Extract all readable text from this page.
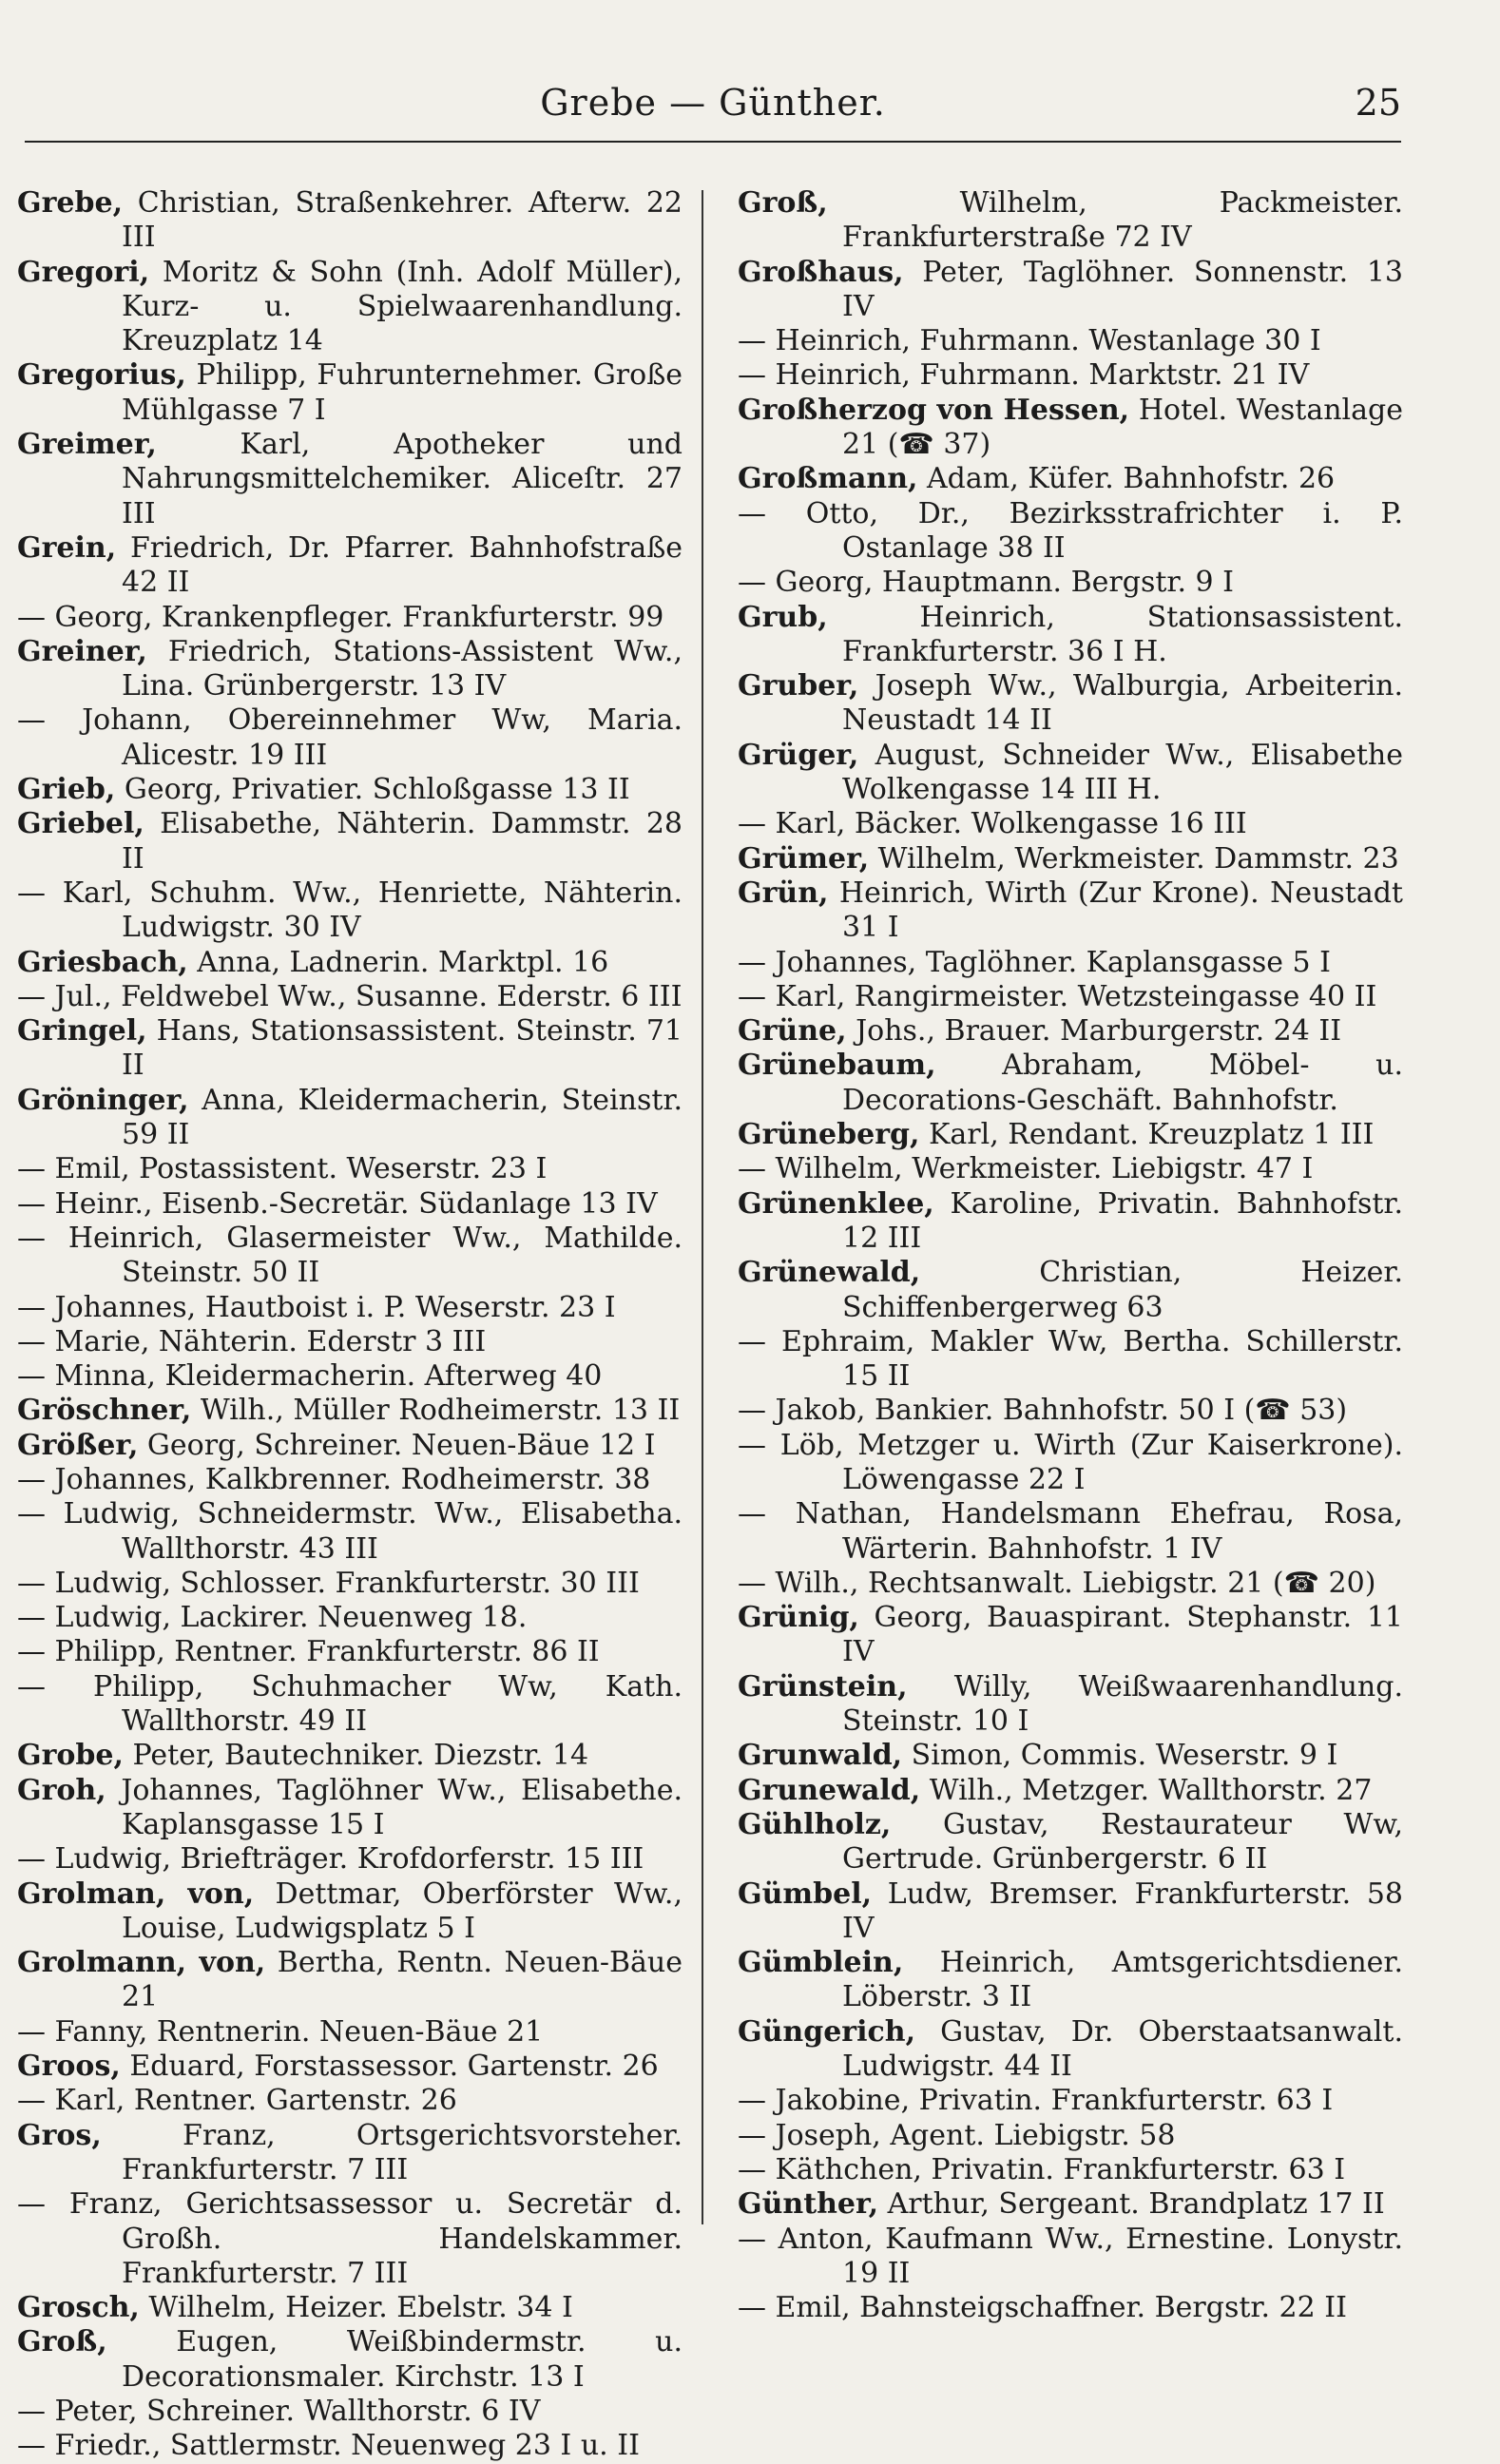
Grebe — Günther.	25
Grebe, Christian, Straßenkehrer. Afterw. 22 III
Gregori, Moritz & Sohn (Inh. Adolf Müller), Kurz- u. Spielwaarenhandlung. Kreuzplatz 14
Gregorius, Philipp, Fuhrunternehmer. Große Mühlgasse 7 I
Greimer, Karl, Apotheker und Nahrungsmittelchemiker. Aliceſtr. 27 III
Grein, Friedrich, Dr. Pfarrer. Bahnhofstraße 42 II
— Georg, Krankenpfleger. Frankfurterstr. 99
Greiner, Friedrich, Stations-Assistent Ww., Lina. Grünbergerstr. 13 IV
— Johann, Obereinnehmer Ww, Maria. Alicestr. 19 III
Grieb, Georg, Privatier. Schloßgasse 13 II
Griebel, Elisabethe, Nähterin. Dammstr. 28 II
— Karl, Schuhm. Ww., Henriette, Nähterin. Ludwigstr. 30 IV
Griesbach, Anna, Ladnerin. Marktpl. 16
— Jul., Feldwebel Ww., Susanne. Ederstr. 6 III
Gringel, Hans, Stationsassistent. Steinstr. 71 II
Gröninger, Anna, Kleidermacherin, Steinstr. 59 II
— Emil, Postassistent. Weserstr. 23 I
— Heinr., Eisenb.-Secretär. Südanlage 13 IV
— Heinrich, Glasermeister Ww., Mathilde. Steinstr. 50 II
— Johannes, Hautboist i. P. Weserstr. 23 I
— Marie, Nähterin. Ederstr 3 III
— Minna, Kleidermacherin. Afterweg 40
Gröschner, Wilh., Müller Rodheimerstr. 13 II
Größer, Georg, Schreiner. Neuen-Bäue 12 I
— Johannes, Kalkbrenner. Rodheimerstr. 38
— Ludwig, Schneidermstr. Ww., Elisabetha. Wallthorstr. 43 III
— Ludwig, Schlosser. Frankfurterstr. 30 III
— Ludwig, Lackirer. Neuenweg 18.
— Philipp, Rentner. Frankfurterstr. 86 II
— Philipp, Schuhmacher Ww, Kath. Wallthorstr. 49 II
Grobe, Peter, Bautechniker. Diezstr. 14
Groh, Johannes, Taglöhner Ww., Elisabethe. Kaplansgasse 15 I
— Ludwig, Briefträger. Krofdorferstr. 15 III
Grolman, von, Dettmar, Oberförster Ww., Louise, Ludwigsplatz 5 I
Grolmann, von, Bertha, Rentn. Neuen-Bäue 21
— Fanny, Rentnerin. Neuen-Bäue 21
Groos, Eduard, Forstassessor. Gartenstr. 26
— Karl, Rentner. Gartenstr. 26
Gros, Franz, Ortsgerichtsvorsteher. Frankfurterstr. 7 III
— Franz, Gerichtsassessor u. Secretär d. Großh. Handelskammer. Frankfurterstr. 7 III
Grosch, Wilhelm, Heizer. Ebelstr. 34 I
Groß, Eugen, Weißbindermstr. u. Decorationsmaler. Kirchstr. 13 I
— Peter, Schreiner. Wallthorstr. 6 IV
— Friedr., Sattlermstr. Neuenweg 23 I u. II
Groß, Wilhelm, Packmeister. Frankfurterstraße 72 IV
Großhaus, Peter, Taglöhner. Sonnenstr. 13 IV
— Heinrich, Fuhrmann. Westanlage 30 I
— Heinrich, Fuhrmann. Marktstr. 21 IV
Großherzog von Hessen, Hotel. Westanlage 21 (☎ 37)
Großmann, Adam, Küfer. Bahnhofstr. 26
— Otto, Dr., Bezirksstrafrichter i. P. Ostanlage 38 II
— Georg, Hauptmann. Bergstr. 9 I
Grub, Heinrich, Stationsassistent. Frankfurterstr. 36 I H.
Gruber, Joseph Ww., Walburgia, Arbeiterin. Neustadt 14 II
Grüger, August, Schneider Ww., Elisabethe Wolkengasse 14 III H.
— Karl, Bäcker. Wolkengasse 16 III
Grümer, Wilhelm, Werkmeister. Dammstr. 23
Grün, Heinrich, Wirth (Zur Krone). Neustadt 31 I
— Johannes, Taglöhner. Kaplansgasse 5 I
— Karl, Rangirmeister. Wetzsteingasse 40 II
Grüne, Johs., Brauer. Marburgerstr. 24 II
Grünebaum, Abraham, Möbel- u. Decorations-Geschäft. Bahnhofstr.
Grüneberg, Karl, Rendant. Kreuzplatz 1 III
— Wilhelm, Werkmeister. Liebigstr. 47 I
Grünenklee, Karoline, Privatin. Bahnhofstr. 12 III
Grünewald, Christian, Heizer. Schiffenbergerweg 63
— Ephraim, Makler Ww, Bertha. Schillerstr. 15 II
— Jakob, Bankier. Bahnhofstr. 50 I (☎ 53)
— Löb, Metzger u. Wirth (Zur Kaiserkrone). Löwengasse 22 I
— Nathan, Handelsmann Ehefrau, Rosa, Wärterin. Bahnhofstr. 1 IV
— Wilh., Rechtsanwalt. Liebigstr. 21 (☎ 20)
Grünig, Georg, Bauaspirant. Stephanstr. 11 IV
Grünstein, Willy, Weißwaarenhandlung. Steinstr. 10 I
Grunwald, Simon, Commis. Weserstr. 9 I
Grunewald, Wilh., Metzger. Wallthorstr. 27
Gühlholz, Gustav, Restaurateur Ww, Gertrude. Grünbergerstr. 6 II
Gümbel, Ludw, Bremser. Frankfurterstr. 58 IV
Gümblein, Heinrich, Amtsgerichtsdiener. Löberstr. 3 II
Güngerich, Gustav, Dr. Oberstaatsanwalt. Ludwigstr. 44 II
— Jakobine, Privatin. Frankfurterstr. 63 I
— Joseph, Agent. Liebigstr. 58
— Käthchen, Privatin. Frankfurterstr. 63 I
Günther, Arthur, Sergeant. Brandplatz 17 II
— Anton, Kaufmann Ww., Ernestine. Lonystr. 19 II
— Emil, Bahnsteigschaffner. Bergstr. 22 II
